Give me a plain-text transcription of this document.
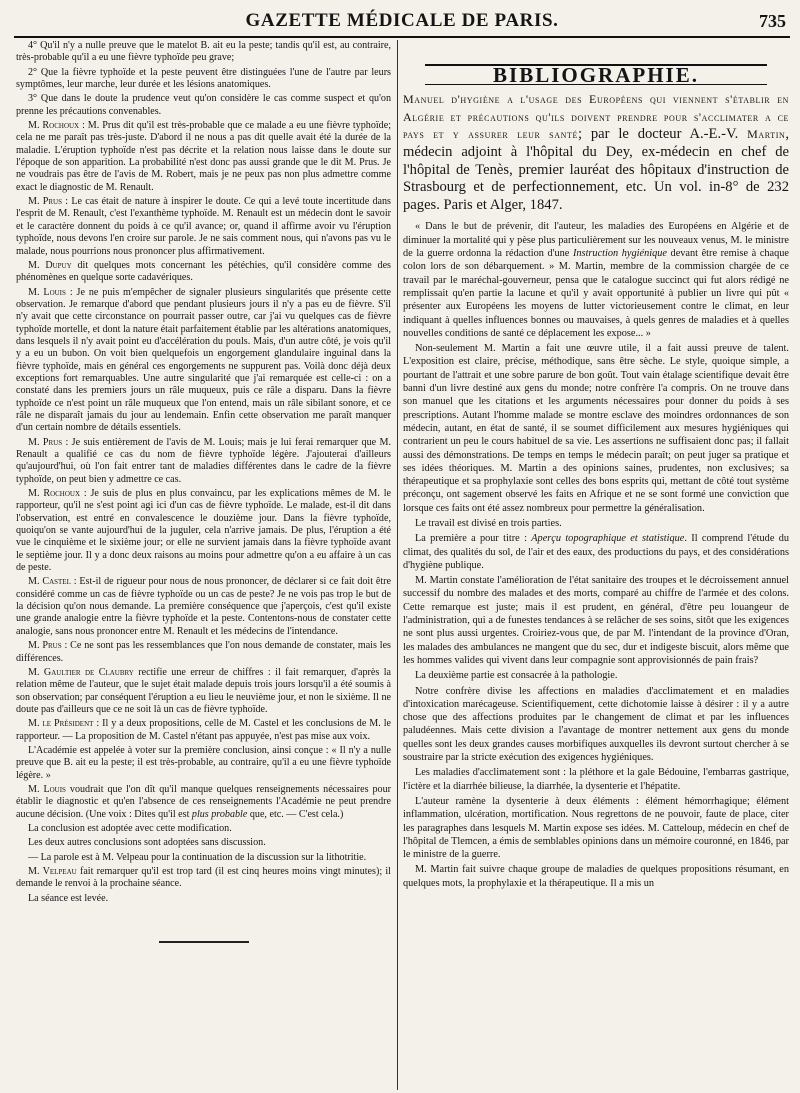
GAZETTE MÉDICALE DE PARIS.	735

4° Qu'il n'y a nulle preuve que le matelot B. ait eu la peste; tandis qu'il est, au contraire, très-probable qu'il a eu une fièvre typhoïde peu grave;

2° Que la fièvre typhoïde et la peste peuvent être distinguées l'une de l'autre par leurs symptômes, leur marche, leur durée et les lésions anatomiques.

3° Que dans le doute la prudence veut qu'on considère le cas comme suspect et qu'on prenne les précautions convenables.

M. Rochoux : M. Prus dit qu'il est très-probable que ce malade a eu une fièvre typhoïde; cela ne me paraît pas très-juste. D'abord il ne nous a pas dit quelle avait été la durée de la maladie. L'éruption typhoïde n'est pas décrite et la relation nous laisse dans le doute sur l'époque de son apparition. La probabilité n'est donc pas aussi grande que le dit M. Prus. Je ne voudrais pas être de l'avis de M. Robert, mais je ne peux pas non plus admettre comme exact le diagnostic de M. Renault.

M. Prus : Le cas était de nature à inspirer le doute. Ce qui a levé toute incertitude dans l'esprit de M. Renault, c'est l'exanthème typhoïde. M. Renault est un médecin dont le savoir et le caractère donnent du poids à ce qu'il avance; or, quand il affirme avoir vu l'éruption typhoïde, nous devons l'en croire sur parole. Je ne sais comment nous, qui n'avons pas vu le malade, nous pourrions nous prononcer plus affirmativement.

M. Dupuy dit quelques mots concernant les pétéchies, qu'il considère comme des phénomènes en quelque sorte cadavériques.

M. Louis : Je ne puis m'empêcher de signaler plusieurs singularités que présente cette observation. Je remarque d'abord que pendant plusieurs jours il n'y a pas eu de fièvre. S'il n'y avait que cette circonstance on pourrait passer outre, car j'ai vu quelques cas de fièvre typhoïde mortelle, et dont la nature était parfaitement établie par les altérations anatomiques, dans lesquels il n'y avait point eu d'accélération du pouls. Mais, d'un autre côté, je vois qu'il y a eu un bubon. On voit bien quelquefois un engorgement glandulaire inguinal dans la fièvre typhoïde, mais en général ces engorgements ne suppurent pas. Voilà donc déjà deux exceptions fort remarquables. Une autre singularité que j'ai remarquée est celle-ci : on a constaté dans les premiers jours un râle muqueux, puis ce râle a disparu. Dans la fièvre typhoïde ce n'est point un râle muqueux que l'on entend, mais un râle sibilant sonore, et ce râle ne disparaît jamais du jour au lendemain. Enfin cette observation me paraît manquer d'un certain nombre de détails essentiels.

M. Prus : Je suis entièrement de l'avis de M. Louis; mais je lui ferai remarquer que M. Renault a qualifié ce cas du nom de fièvre typhoïde légère. J'ajouterai d'ailleurs qu'aujourd'hui, où l'on fait entrer tant de maladies différentes dans le cadre de la fièvre typhoïde, on peut bien y admettre ce cas.

M. Rochoux : Je suis de plus en plus convaincu, par les explications mêmes de M. le rapporteur, qu'il ne s'est point agi ici d'un cas de fièvre typhoïde. Le malade, est-il dit dans l'observation, est entré en convalescence le douzième jour. Dans la fièvre typhoïde, quoiqu'on se vante aujourd'hui de la juguler, cela n'arrive jamais. De plus, l'éruption a été vue le cinquième et le sixième jour; or elle ne survient jamais dans la fièvre typhoïde avant le septième jour. Il y a donc deux raisons au moins pour admettre qu'on a eu affaire à un cas de peste.

M. Castel : Est-il de rigueur pour nous de nous prononcer, de déclarer si ce fait doit être considéré comme un cas de fièvre typhoïde ou un cas de peste? Je ne vois pas trop le but de la décision qu'on nous demande. La première conséquence que j'aperçois, c'est qu'il existe une grande analogie entre la fièvre typhoïde et la peste. Contentons-nous de constater cette analogie, sans nous prononcer entre M. Renault et les médecins de l'intendance.

M. Prus : Ce ne sont pas les ressemblances que l'on nous demande de constater, mais les différences.

M. Gaultier de Claubry rectifie une erreur de chiffres : il fait remarquer, d'après la relation même de l'auteur, que le sujet était malade depuis trois jours lorsqu'il a été soumis à son observation; par conséquent l'éruption a eu lieu le neuvième jour, et non le sixième. Il ne doute pas d'ailleurs que ce ne soit là un cas de fièvre typhoïde.

M. le Président : Il y a deux propositions, celle de M. Castel et les conclusions de M. le rapporteur. — La proposition de M. Castel n'étant pas appuyée, n'est pas mise aux voix.

L'Académie est appelée à voter sur la première conclusion, ainsi conçue : « Il n'y a nulle preuve que B. ait eu la peste; il est très-probable, au contraire, qu'il a eu une fièvre typhoïde légère. »

M. Louis voudrait que l'on dît qu'il manque quelques renseignements nécessaires pour établir le diagnostic et qu'en l'absence de ces renseignements l'Académie ne peut prendre aucune décision. (Une voix : Dites qu'il est plus probable que, etc. — C'est cela.)

La conclusion est adoptée avec cette modification.

Les deux autres conclusions sont adoptées sans discussion.

— La parole est à M. Velpeau pour la continuation de la discussion sur la lithotritie.

M. Velpeau fait remarquer qu'il est trop tard (il est cinq heures moins vingt minutes); il demande le renvoi à la prochaine séance.

La séance est levée.

BIBLIOGRAPHIE.

Manuel d'hygiène a l'usage des Européens qui viennent s'établir en Algérie et précautions qu'ils doivent prendre pour s'acclimater a ce pays et y assurer leur santé; par le docteur A.-E.-V. Martin, médecin adjoint à l'hôpital du Dey, ex-médecin en chef de l'hôpital de Tenès, premier lauréat des hôpitaux d'instruction de Strasbourg et de perfectionnement, etc. Un vol. in-8° de 232 pages. Paris et Alger, 1847.

« Dans le but de prévenir, dit l'auteur, les maladies des Européens en Algérie et de diminuer la mortalité qui y pèse plus particulièrement sur les nouveaux venus, M. le ministre de la guerre ordonna la rédaction d'une Instruction hygiénique devant être remise à chaque colon lors de son débarquement. » M. Martin, membre de la commission chargée de ce travail par le maréchal-gouverneur, pensa que le catalogue succinct qui fut alors rédigé ne remplissait qu'en partie la lacune et qu'il y avait opportunité à publier un livre qui pût « présenter aux Européens les moyens de lutter victorieusement contre le climat, en leur indiquant à quelles influences bonnes ou mauvaises, à quels genres de maladies et à quelles nouvelles conditions de santé ce déplacement les expose... »

Non-seulement M. Martin a fait une œuvre utile, il a fait aussi preuve de talent. L'exposition est claire, précise, méthodique, sans être sèche. Le style, quoique simple, a pourtant de l'attrait et une sobre parure de bon goût. Tout vain étalage scientifique devait être banni d'un livre destiné aux gens du monde; notre confrère l'a compris. On ne trouve dans son manuel que les citations et les arguments nécessaires pour donner du poids à ses prescriptions. Autant l'homme malade se montre esclave des moindres ordonnances de son médecin, autant, en état de santé, il se soumet difficilement aux mesures hygiéniques qui contrarient un peu le cours habituel de sa vie. Les assertions ne suffisaient donc pas; il fallait aussi des démonstrations. De temps en temps le médecin paraît; on peut juger sa pratique et ses idées théoriques. M. Martin a des opinions saines, prudentes, non exclusives; sa thérapeutique et sa prophylaxie sont celles des bons esprits qui, mettant de côté tout système préconçu, ont sagement observé les faits en Afrique et ne se sont formé une conviction que lorsque ces faits ont été assez nombreux pour permettre la généralisation.

Le travail est divisé en trois parties.

La première a pour titre : Aperçu topographique et statistique. Il comprend l'étude du climat, des qualités du sol, de l'air et des eaux, des productions du pays, et des considérations d'hygiène publique.

M. Martin constate l'amélioration de l'état sanitaire des troupes et le décroissement annuel successif du nombre des malades et des morts, comparé au chiffre de l'armée et des colons. Cette remarque est juste; mais il est prudent, en général, d'être peu louangeur de l'administration, qui a de funestes tendances à se relâcher de ses soins, sitôt que les exigences ne sont plus aussi urgentes. Croiriez-vous que, de par M. l'intendant de la province d'Oran, les malades des ambulances ne mangent que du sec, dur et indigeste biscuit, alors même que les hommes valides qui vivent dans leur compagnie sont approvisionnés de pain frais?

La deuxième partie est consacrée à la pathologie.

Notre confrère divise les affections en maladies d'acclimatement et en maladies d'intoxication marécageuse. Scientifiquement, cette dichotomie laisse à désirer : il y a autre chose que des affections produites par le changement de climat et par les influences paludéennes. Mais cette division a l'avantage de montrer nettement aux gens du monde quelles sont les deux grandes causes morbifiques auxquelles ils devront surtout chercher à se soustraire par la stricte exécution des exigences hygiéniques.

Les maladies d'acclimatement sont : la pléthore et la gale Bédouine, l'embarras gastrique, l'ictère et la diarrhée bilieuse, la diarrhée, la dysenterie et l'hépatite.

L'auteur ramène la dysenterie à deux éléments : élément hémorrhagique; élément inflammation, ulcération, mortification. Nous regrettons de ne pouvoir, faute de place, citer les paragraphes dans lesquels M. Martin expose ses idées. M. Catteloup, médecin en chef de l'hôpital de Tlemcen, a émis de semblables opinions dans un mémoire couronné, en 1846, par le ministre de la guerre.

M. Martin fait suivre chaque groupe de maladies de quelques propositions résumant, en quelques mots, la prophylaxie et la thérapeutique. Il a mis un
